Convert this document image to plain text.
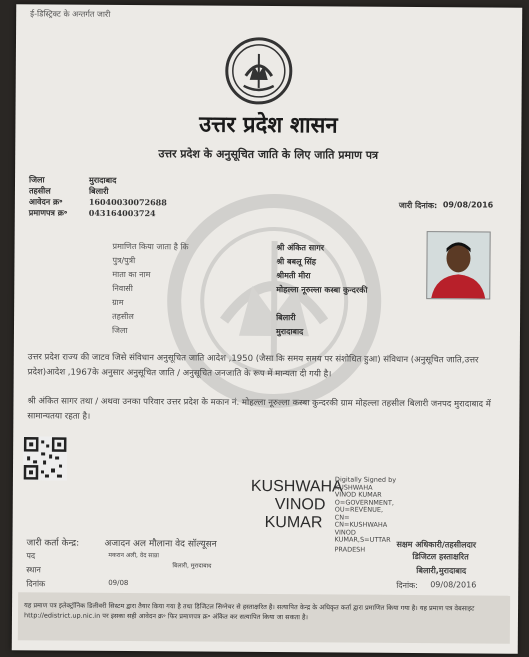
ई-डिस्ट्रिक्ट के अन्तर्गत जारी
उत्तर प्रदेश शासन
उत्तर प्रदेश के अनुसूचित जाति के लिए जाति प्रमाण पत्र
जिला	मुरादाबाद
तहसील	बिलारी
आवेदन क्र॰	16040030072688
प्रमाणपत्र क्र॰	043164003724
जारी दिनांक: 09/08/2016
प्रमाणित किया जाता है कि	श्री अंकित सागर
पुत्र/पुत्री	श्री बबलू सिंह
माता का नाम	श्रीमती मीरा
निवासी	मोहल्ला नूरुल्ला कस्बा कुन्दरकी
ग्राम
तहसील	बिलारी
जिला	मुरादाबाद
उत्तर प्रदेश राज्य की जाटव जिसे संविधान अनुसूचित जाति आदेश ,1950 (जैसा कि समय समय पर संशोधित हुआ) संविधान (अनुसूचित जाति,उत्तर प्रदेश)आदेश ,1967के अनुसार अनुसूचित जाति / अनुसूचित जनजाति के रूप में मान्यता दी गयी है।
श्री अंकित सागर तथा / अथवा उनका परिवार उत्तर प्रदेश के मकान नं. मोहल्ला नूरुल्ला कस्बा कुन्दरकी ग्राम मोहल्ला तहसील बिलारी जनपद मुरादाबाद में सामान्यतया रहता है।
KUSHWAHA
VINOD
KUMAR
Digitally Signed by
KUSHWAHA
VINOD KUMAR
O=GOVERNMENT,
OU=REVENUE,
CN=
CN=KUSHWAHA
VINOD
KUMAR,S=UTTAR
PRADESH
जारी कर्ता केन्द्र:	अजादन अल मौलाना वेद सॉल्यूसन
पद	मकरान अली, वेद सान्ना
स्थान	बिलारी, मुरादाबाद
दिनांक	09/08
सक्षम अधिकारी/तहसीलदार
डिजिटल हस्ताक्षरित
बिलारी,मुरादाबाद
दिनांक: 09/08/2016
यह प्रमाण पत्र इलेक्ट्रॉनिक डिलीवरी सिस्टम द्वारा तैयार किया गया है तथा डिजिटल सिग्नेचर से हस्ताक्षरित है। सत्यापित केन्द्र के अधिकृत कर्ता द्वारा प्रमाणित किया गया है। यह प्रमाण पत्र वेबसाइट http://edistrict.up.nic.in पर इसका सही आवेदन क्र॰ फिर प्रमाणपत्र क्र॰ अंकित कर सत्यापित किया जा सकता है।
